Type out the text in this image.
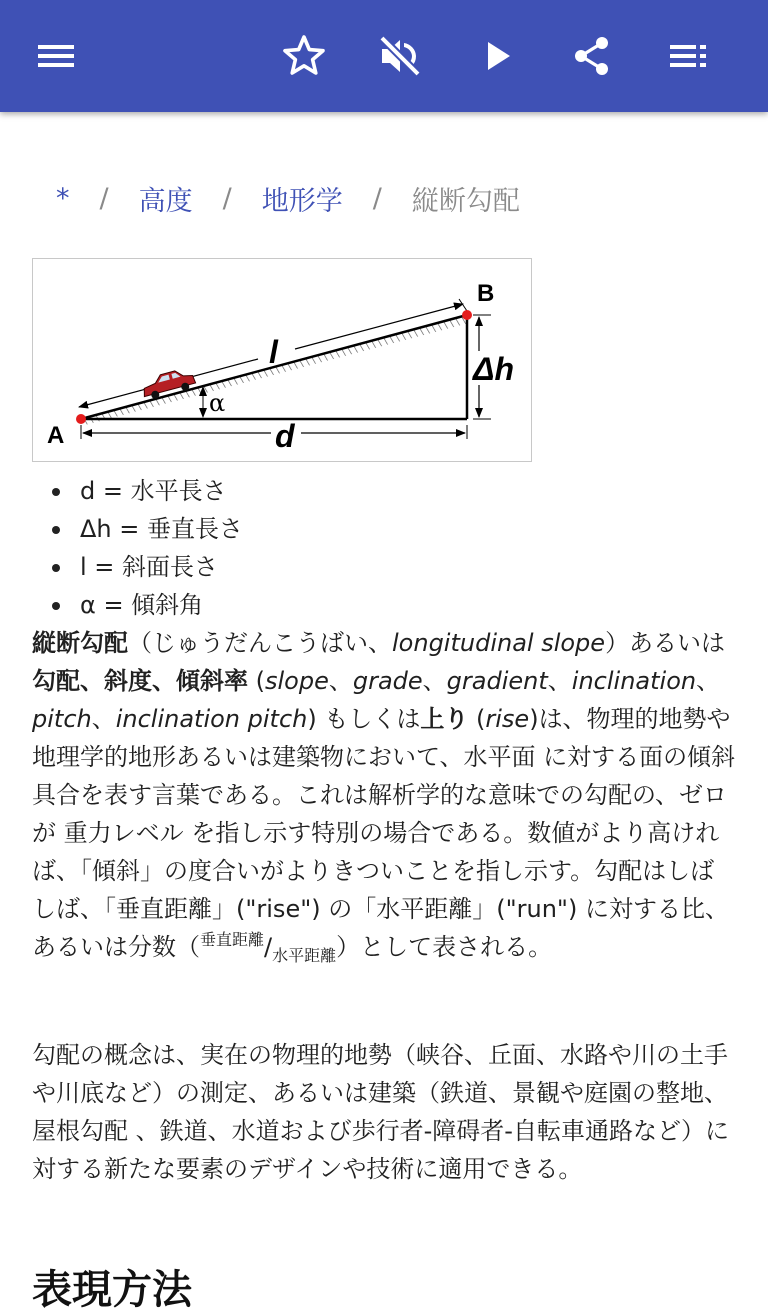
* / 高度 / 地形学 / 縦断勾配
A
B
l
d
Δh
α
d = 水平長さ
Δh = 垂直長さ
l = 斜面長さ
α = 傾斜角

縦断勾配（じゅうだんこうばい、longitudinal slope）あるいは勾配、斜度、傾斜率 (slope、grade、gradient、inclination、pitch、inclination pitch) もしくは上り (rise)は、物理的地勢や地理学的地形あるいは建築物において、水平面 に対する面の傾斜具合を表す言葉である。これは解析学的な意味での勾配の、ゼロが 重力レベル を指し示す特別の場合である。数値がより高ければ、「傾斜」の度合いがよりきついことを指し示す。勾配はしばしば、「垂直距離」("rise") の「水平距離」("run") に対する比、あるいは分数$(^{垂直距離}/_{水平距離})$として表される。

勾配の概念は、実在の物理的地勢（峡谷、丘面、水路や川の土手や川底など）の測定、あるいは建築（鉄道、景観や庭園の整地、 屋根勾配 、鉄道、水道および歩行者-障碍者-自転車通路など）に対する新たな要素のデザインや技術に適用できる。

表現方法
